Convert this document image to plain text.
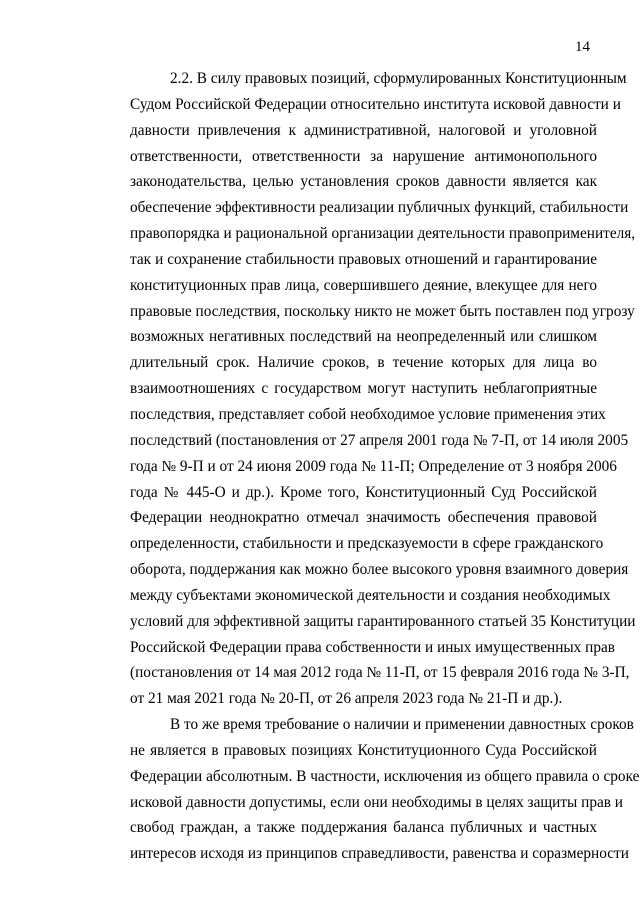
14
2.2. В силу правовых позиций, сформулированных Конституционным
Судом Российской Федерации относительно института исковой давности и
давности привлечения к административной, налоговой и уголовной
ответственности, ответственности за нарушение антимонопольного
законодательства, целью установления сроков давности является как
обеспечение эффективности реализации публичных функций, стабильности
правопорядка и рациональной организации деятельности правоприменителя,
так и сохранение стабильности правовых отношений и гарантирование
конституционных прав лица, совершившего деяние, влекущее для него
правовые последствия, поскольку никто не может быть поставлен под угрозу
возможных негативных последствий на неопределенный или слишком
длительный срок. Наличие сроков, в течение которых для лица во
взаимоотношениях с государством могут наступить неблагоприятные
последствия, представляет собой необходимое условие применения этих
последствий (постановления от 27 апреля 2001 года № 7-П, от 14 июля 2005
года № 9-П и от 24 июня 2009 года № 11-П; Определение от 3 ноября 2006
года № 445-О и др.). Кроме того, Конституционный Суд Российской
Федерации неоднократно отмечал значимость обеспечения правовой
определенности, стабильности и предсказуемости в сфере гражданского
оборота, поддержания как можно более высокого уровня взаимного доверия
между субъектами экономической деятельности и создания необходимых
условий для эффективной защиты гарантированного статьей 35 Конституции
Российской Федерации права собственности и иных имущественных прав
(постановления от 14 мая 2012 года № 11-П, от 15 февраля 2016 года № 3-П,
от 21 мая 2021 года № 20-П, от 26 апреля 2023 года № 21-П и др.).
В то же время требование о наличии и применении давностных сроков
не является в правовых позициях Конституционного Суда Российской
Федерации абсолютным. В частности, исключения из общего правила о сроке
исковой давности допустимы, если они необходимы в целях защиты прав и
свобод граждан, а также поддержания баланса публичных и частных
интересов исходя из принципов справедливости, равенства и соразмерности
